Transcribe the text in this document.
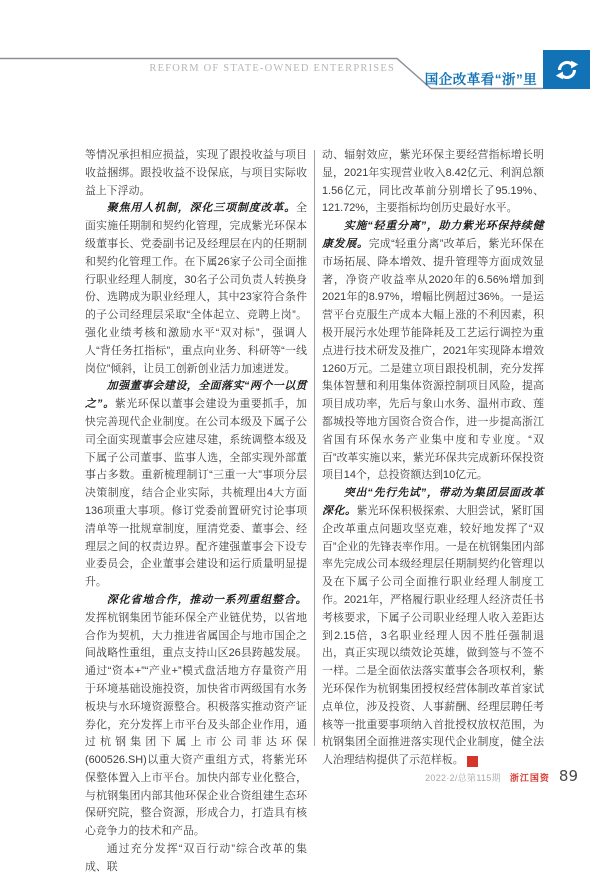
REFORM OF STATE-OWNED ENTERPRISES
国企改革看“浙”里

等情况承担相应损益，实现了跟投收益与项目收益捆绑。跟投收益不设保底，与项目实际收益上下浮动。

聚焦用人机制，深化三项制度改革。全面实施任期制和契约化管理，完成紫光环保本级董事长、党委副书记及经理层在内的任期制和契约化管理工作。在下属26家子公司全面推行职业经理人制度，30名子公司负责人转换身份、选聘成为职业经理人，其中23家符合条件的子公司经理层采取“全体起立、竞聘上岗”。强化业绩考核和激励水平“双对标”，强调人人“背任务扛指标”，重点向业务、科研等“一线岗位”倾斜，让员工创新创业活力加速迸发。

加强董事会建设，全面落实“两个一以贯之”。紫光环保以董事会建设为重要抓手，加快完善现代企业制度。在公司本级及下属子公司全面实现董事会应建尽建，系统调整本级及下属子公司董事、监事人选，全部实现外部董事占多数。重新梳理制订“三重一大”事项分层决策制度，结合企业实际，共梳理出4大方面136项重大事项。修订党委前置研究讨论事项清单等一批规章制度，厘清党委、董事会、经理层之间的权责边界。配齐建强董事会下设专业委员会，企业董事会建设和运行质量明显提升。

深化省地合作，推动一系列重组整合。发挥杭钢集团节能环保全产业链优势，以省地合作为契机，大力推进省属国企与地市国企之间战略性重组，重点支持山区26县跨越发展。通过“资本+”“产业+”模式盘活地方存量资产用于环境基础设施投资，加快省市两级国有水务板块与水环境资源整合。积极落实推动资产证券化，充分发挥上市平台及头部企业作用，通过杭钢集团下属上市公司菲达环保(600526.SH)以重大资产重组方式，将紫光环保整体置入上市平台。加快内部专业化整合，与杭钢集团内部其他环保企业合资组建生态环保研究院，整合资源，形成合力，打造具有核心竞争力的技术和产品。

通过充分发挥“双百行动”综合改革的集成、联

动、辐射效应，紫光环保主要经营指标增长明显，2021年实现营业收入8.42亿元、利润总额1.56亿元，同比改革前分别增长了95.19%、121.72%，主要指标均创历史最好水平。

实施“轻重分离”，助力紫光环保持续健康发展。完成“轻重分离”改革后，紫光环保在市场拓展、降本增效、提升管理等方面成效显著，净资产收益率从2020年的6.56%增加到2021年的8.97%，增幅比例超过36%。一是运营平台克服生产成本大幅上涨的不利因素，积极开展污水处理节能降耗及工艺运行调控为重点进行技术研发及推广，2021年实现降本增效1260万元。二是建立项目跟投机制，充分发挥集体智慧和利用集体资源控制项目风险，提高项目成功率，先后与象山水务、温州市政、莲都城投等地方国资合资合作，进一步提高浙江省国有环保水务产业集中度和专业度。“双百”改革实施以来，紫光环保共完成新环保投资项目14个，总投资额达到10亿元。

突出“先行先试”，带动为集团层面改革深化。紫光环保积极探索、大胆尝试，紧盯国企改革重点问题攻坚克难，较好地发挥了“双百”企业的先锋表率作用。一是在杭钢集团内部率先完成公司本级经理层任期制契约化管理以及在下属子公司全面推行职业经理人制度工作。2021年，严格履行职业经理人经济责任书考核要求，下属子公司职业经理人收入差距达到2.15倍，3名职业经理人因不胜任强制退出，真正实现以绩效论英雄，做到签与不签不一样。二是全面依法落实董事会各项权利，紫光环保作为杭钢集团授权经营体制改革首家试点单位，涉及投资、人事薪酬、经理层聘任考核等一批重要事项纳入首批授权放权范围，为杭钢集团全面推进落实现代企业制度，健全法人治理结构提供了示范样板。	Z

2022·2/总第115期 浙江国资 89
